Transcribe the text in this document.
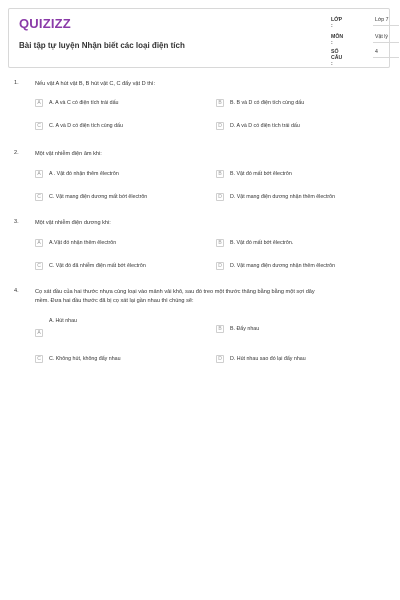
QUIZIZZ
Bài tập tự luyện Nhận biết các loại điện tích
LỚP :
Lớp 7
MÔN :
Vật lý
SỐ CÂU :
4
1.	Nếu vật A hút vật B, B hút vật C, C đẩy vật D thì:
A	A. A và C có điện tích trái dấu	B	B. B và D có điện tích cùng dấu
C	C. A và D có điện tích cùng dấu	D	D. A và D có điện tích trái dấu
2.	Một vật nhiễm điện âm khi:
A	A . Vật đó nhận thêm êlectrôn	B	B. Vật đó mất bớt êlectrôn
C	C. Vật mang điện dương mất bớt êlectrôn	D	D. Vật mang điện dương nhận thêm êlectrôn
3.	Một vật nhiễm điện dương khi:
A	A.Vật đó nhận thêm êlectrôn	B	B. Vật đó mất bớt êlectrôn.
C	C. Vật đó đã nhiễm điện mất bớt êlectrôn	D	D. Vật mang điện dương nhận thêm êlectrôn
4.	Cọ xát đầu của hai thước nhựa cùng loại vào mảnh vải khô, sau đó treo một thước thăng bằng bằng một sợi dây
mềm. Đưa hai đầu thước đã bị cọ xát lại gần nhau thì chúng sẽ:
A. Hút nhau
A
B	B. Đẩy nhau
C	C. Không hút, không đẩy nhau	D	D. Hút nhau sao đó lại đẩy nhau
